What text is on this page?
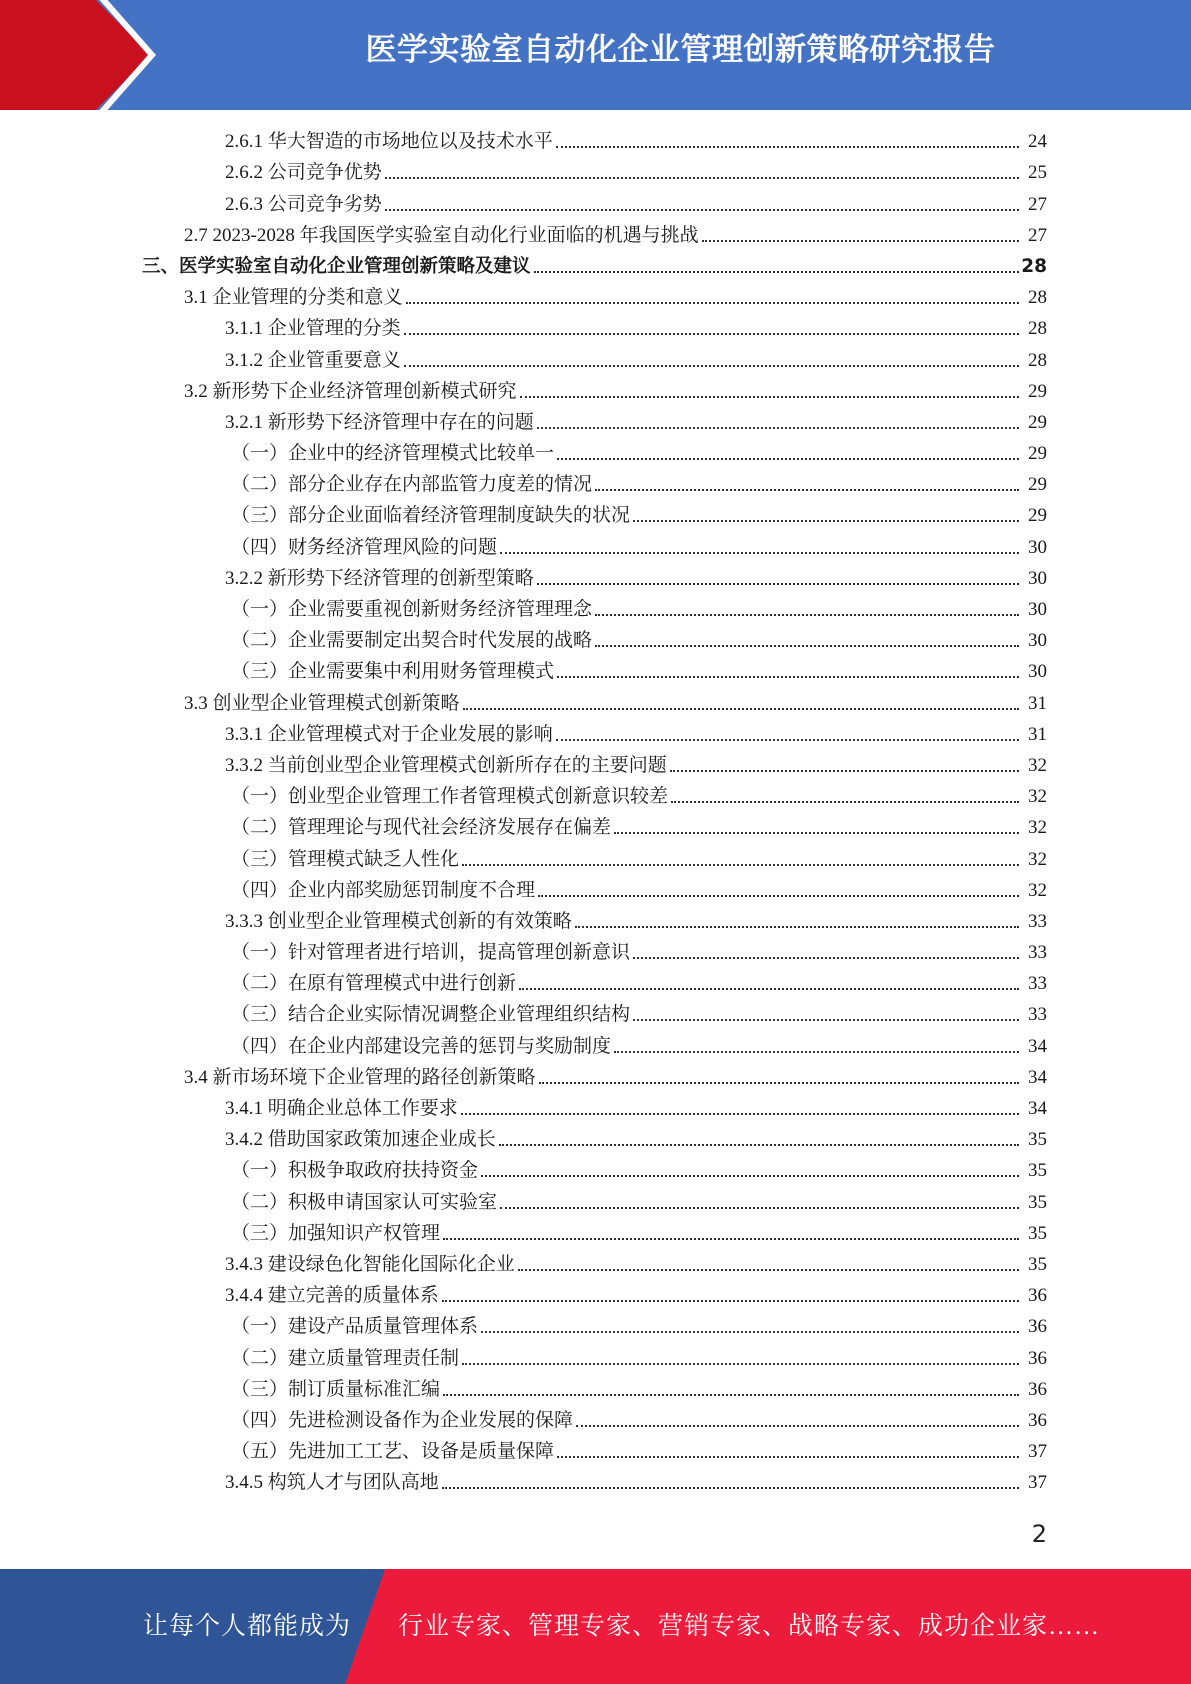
医学实验室自动化企业管理创新策略研究报告
2.6.1 华大智造的市场地位以及技术水平	24
2.6.2 公司竞争优势	25
2.6.3 公司竞争劣势	27
2.7 2023-2028 年我国医学实验室自动化行业面临的机遇与挑战	27
三、医学实验室自动化企业管理创新策略及建议	28
3.1 企业管理的分类和意义	28
3.1.1 企业管理的分类	28
3.1.2 企业管重要意义	28
3.2 新形势下企业经济管理创新模式研究	29
3.2.1 新形势下经济管理中存在的问题	29
（一）企业中的经济管理模式比较单一	29
（二）部分企业存在内部监管力度差的情况	29
（三）部分企业面临着经济管理制度缺失的状况	29
（四）财务经济管理风险的问题	30
3.2.2 新形势下经济管理的创新型策略	30
（一）企业需要重视创新财务经济管理理念	30
（二）企业需要制定出契合时代发展的战略	30
（三）企业需要集中利用财务管理模式	30
3.3 创业型企业管理模式创新策略	31
3.3.1 企业管理模式对于企业发展的影响	31
3.3.2 当前创业型企业管理模式创新所存在的主要问题	32
（一）创业型企业管理工作者管理模式创新意识较差	32
（二）管理理论与现代社会经济发展存在偏差	32
（三）管理模式缺乏人性化	32
（四）企业内部奖励惩罚制度不合理	32
3.3.3 创业型企业管理模式创新的有效策略	33
（一）针对管理者进行培训，提高管理创新意识	33
（二）在原有管理模式中进行创新	33
（三）结合企业实际情况调整企业管理组织结构	33
（四）在企业内部建设完善的惩罚与奖励制度	34
3.4 新市场环境下企业管理的路径创新策略	34
3.4.1 明确企业总体工作要求	34
3.4.2 借助国家政策加速企业成长	35
（一）积极争取政府扶持资金	35
（二）积极申请国家认可实验室	35
（三）加强知识产权管理	35
3.4.3 建设绿色化智能化国际化企业	35
3.4.4 建立完善的质量体系	36
（一）建设产品质量管理体系	36
（二）建立质量管理责任制	36
（三）制订质量标准汇编	36
（四）先进检测设备作为企业发展的保障	36
（五）先进加工工艺、设备是质量保障	37
3.4.5 构筑人才与团队高地	37
2
让每个人都能成为 行业专家、管理专家、营销专家、战略专家、成功企业家……
